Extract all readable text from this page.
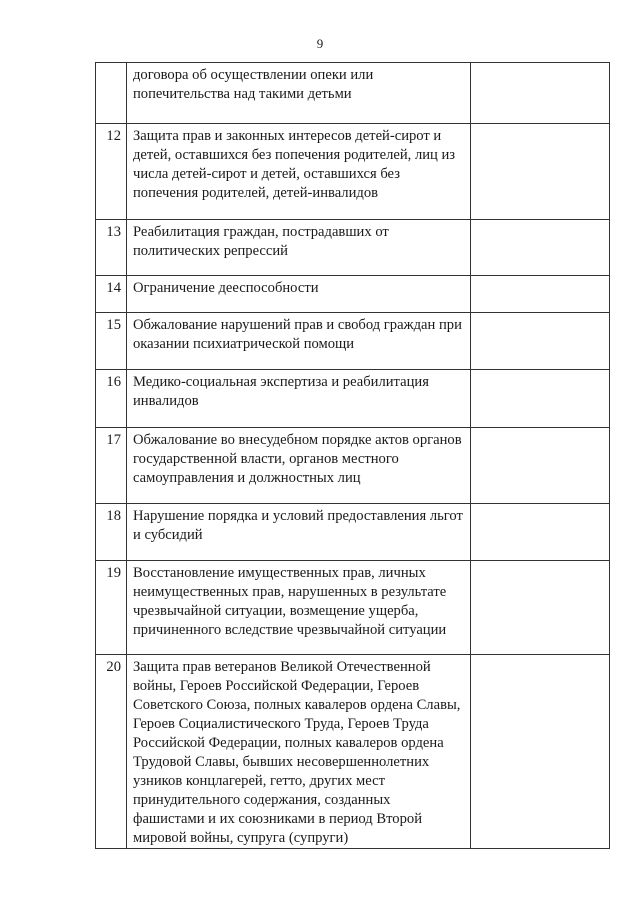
9
	договора об осуществлении опеки или попечительства над такими детьми	
12	Защита прав и законных интересов детей-сирот и детей, оставшихся без попечения родителей, лиц из числа детей-сирот и детей, оставшихся без попечения родителей, детей-инвалидов	
13	Реабилитация граждан, пострадавших от политических репрессий	
14	Ограничение дееспособности	
15	Обжалование нарушений прав и свобод граждан при оказании психиатрической помощи	
16	Медико-социальная экспертиза и реабилитация инвалидов	
17	Обжалование во внесудебном порядке актов органов государственной власти, органов местного самоуправления и должностных лиц	
18	Нарушение порядка и условий предоставления льгот и субсидий	
19	Восстановление имущественных прав, личных неимущественных прав, нарушенных в результате чрезвычайной ситуации, возмещение ущерба, причиненного вследствие чрезвычайной ситуации	
20	Защита прав ветеранов Великой Отечественной войны, Героев Российской Федерации, Героев Советского Союза, полных кавалеров ордена Славы, Героев Социалистического Труда, Героев Труда Российской Федерации, полных кавалеров ордена Трудовой Славы, бывших несовершеннолетних узников концлагерей, гетто, других мест принудительного содержания, созданных фашистами и их союзниками в период Второй мировой войны, супруга (супруги)	
